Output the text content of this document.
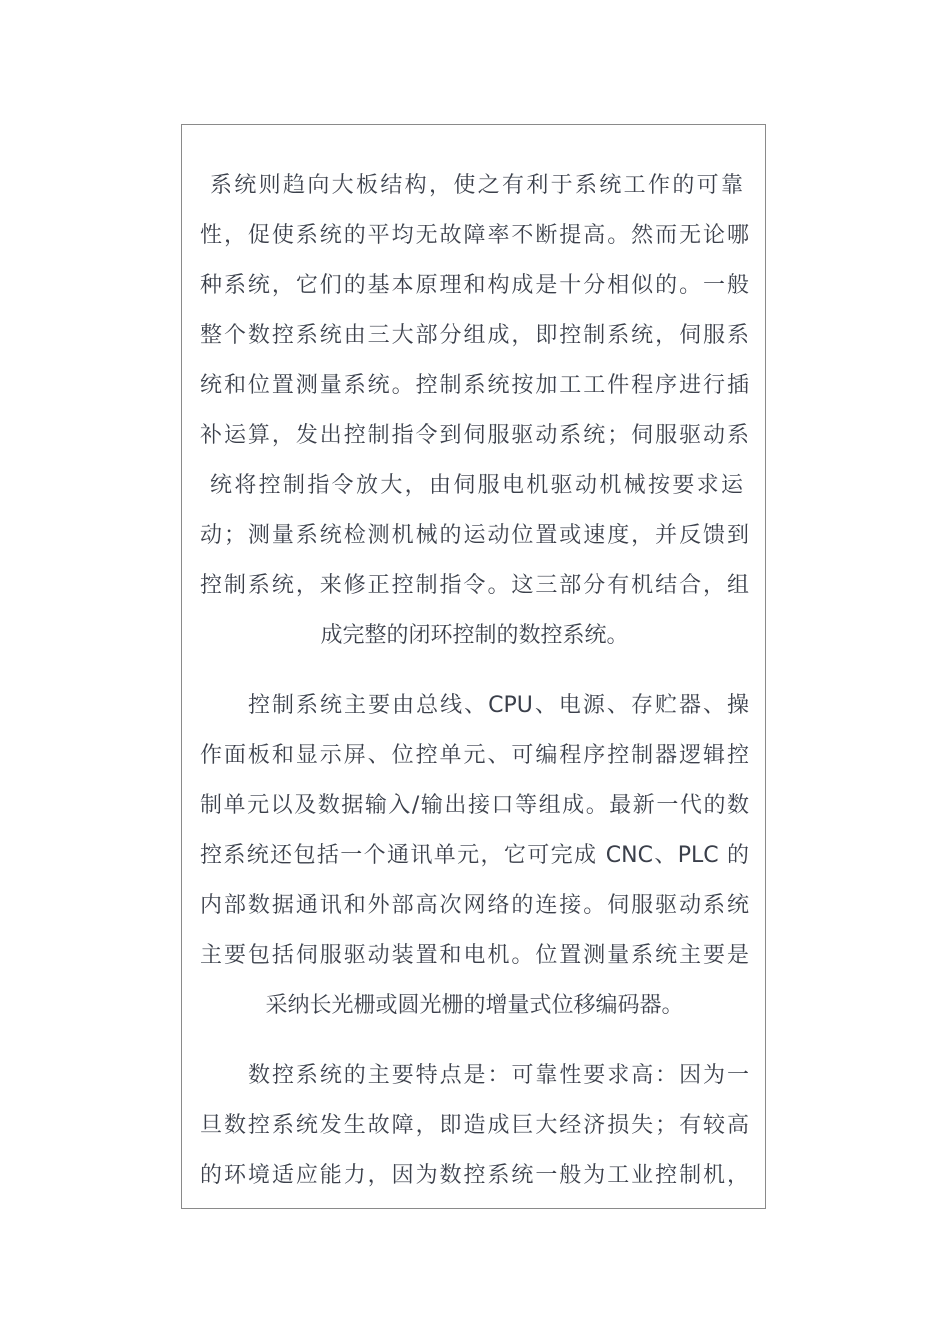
系统则趋向大板结构，使之有利于系统工作的可靠
性，促使系统的平均无故障率不断提高。然而无论哪
种系统，它们的基本原理和构成是十分相似的。一般
整个数控系统由三大部分组成，即控制系统，伺服系
统和位置测量系统。控制系统按加工工件程序进行插
补运算，发出控制指令到伺服驱动系统；伺服驱动系
统将控制指令放大，由伺服电机驱动机械按要求运
动；测量系统检测机械的运动位置或速度，并反馈到
控制系统，来修正控制指令。这三部分有机结合，组
成完整的闭环控制的数控系统。
控制系统主要由总线、CPU、电源、存贮器、操
作面板和显示屏、位控单元、可编程序控制器逻辑控
制单元以及数据输入/输出接口等组成。最新一代的数
控系统还包括一个通讯单元，它可完成 CNC、PLC 的
内部数据通讯和外部高次网络的连接。伺服驱动系统
主要包括伺服驱动装置和电机。位置测量系统主要是
采纳长光栅或圆光栅的增量式位移编码器。
数控系统的主要特点是：可靠性要求高：因为一
旦数控系统发生故障，即造成巨大经济损失；有较高
的环境适应能力，因为数控系统一般为工业控制机，
